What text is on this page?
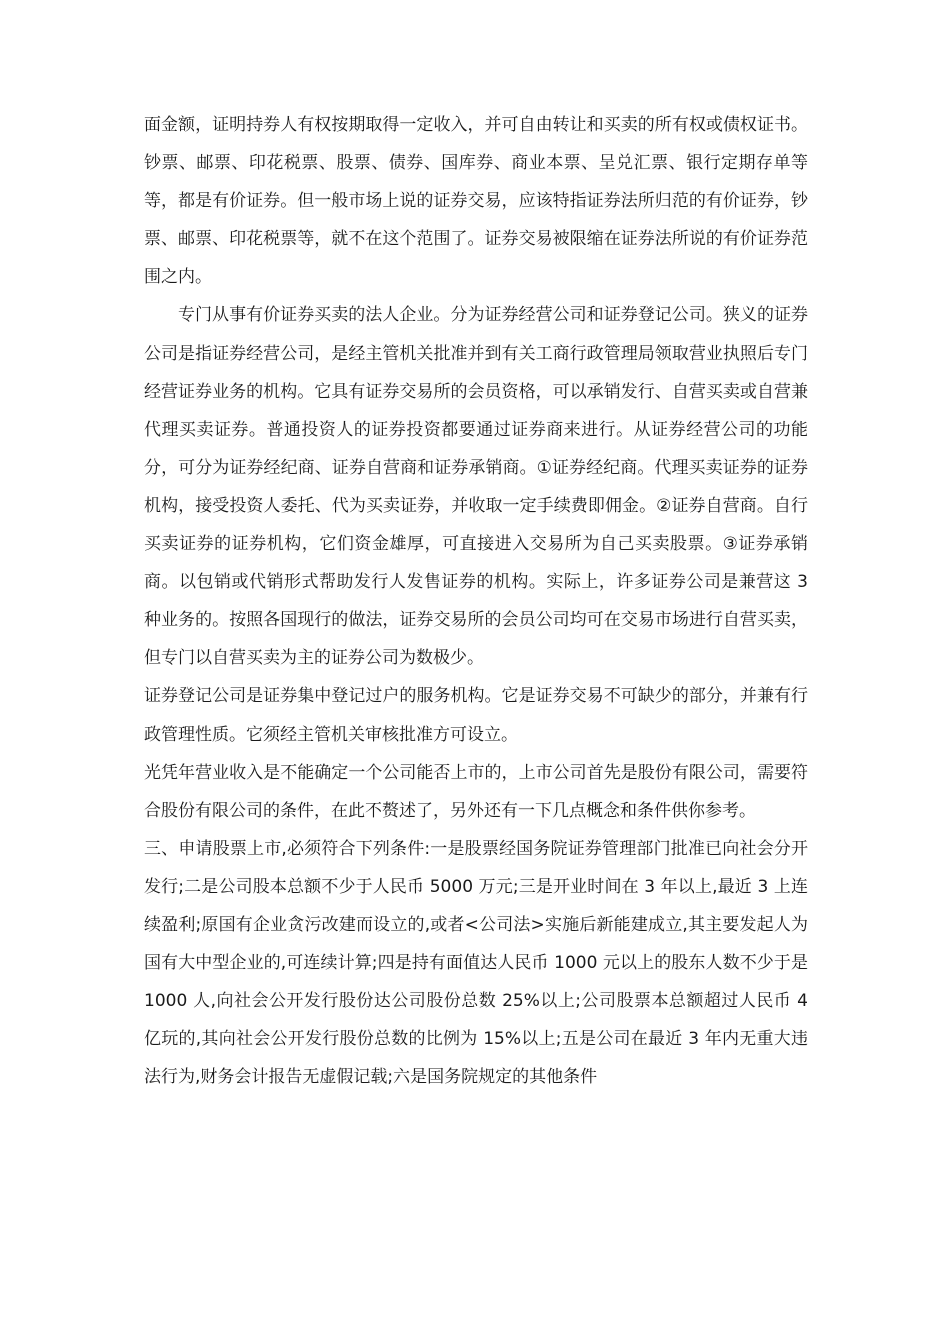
面金额，证明持券人有权按期取得一定收入，并可自由转让和买卖的所有权或债权证书。钞票、邮票、印花税票、股票、债券、国库券、商业本票、呈兑汇票、银行定期存单等等，都是有价证券。但一般市场上说的证券交易，应该特指证券法所归范的有价证券，钞票、邮票、印花税票等，就不在这个范围了。证券交易被限缩在证券法所说的有价证券范围之内。

专门从事有价证券买卖的法人企业。分为证券经营公司和证券登记公司。狭义的证券公司是指证券经营公司，是经主管机关批准并到有关工商行政管理局领取营业执照后专门经营证券业务的机构。它具有证券交易所的会员资格，可以承销发行、自营买卖或自营兼代理买卖证券。普通投资人的证券投资都要通过证券商来进行。从证券经营公司的功能分，可分为证券经纪商、证券自营商和证券承销商。①证券经纪商。代理买卖证券的证券机构，接受投资人委托、代为买卖证券，并收取一定手续费即佣金。②证券自营商。自行买卖证券的证券机构，它们资金雄厚，可直接进入交易所为自己买卖股票。③证券承销商。以包销或代销形式帮助发行人发售证券的机构。实际上，许多证券公司是兼营这 3 种业务的。按照各国现行的做法，证券交易所的会员公司均可在交易市场进行自营买卖，但专门以自营买卖为主的证券公司为数极少。

证券登记公司是证券集中登记过户的服务机构。它是证券交易不可缺少的部分，并兼有行政管理性质。它须经主管机关审核批准方可设立。

光凭年营业收入是不能确定一个公司能否上市的，上市公司首先是股份有限公司，需要符合股份有限公司的条件，在此不赘述了，另外还有一下几点概念和条件供你参考。

三、申请股票上市,必须符合下列条件:一是股票经国务院证券管理部门批准已向社会分开发行;二是公司股本总额不少于人民币 5000 万元;三是开业时间在 3 年以上,最近 3 上连续盈利;原国有企业贪污改建而设立的,或者<公司法>实施后新能建成立,其主要发起人为国有大中型企业的,可连续计算;四是持有面值达人民币 1000 元以上的股东人数不少于是 1000 人,向社会公开发行股份达公司股份总数 25%以上;公司股票本总额超过人民币 4 亿玩的,其向社会公开发行股份总数的比例为 15%以上;五是公司在最近 3 年内无重大违法行为,财务会计报告无虚假记载;六是国务院规定的其他条件
